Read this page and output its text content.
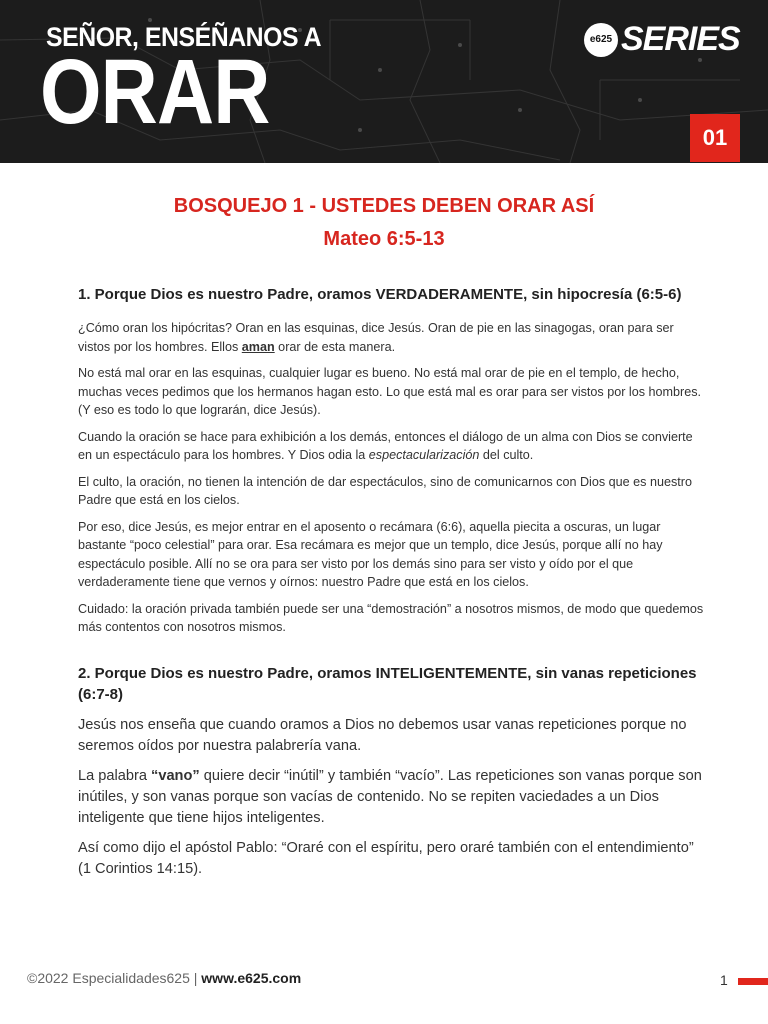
SEÑOR, ENSÉÑANOS A
ORAR
e625 SERIES
01
BOSQUEJO 1 - USTEDES DEBEN ORAR ASÍ
Mateo 6:5-13
1. Porque Dios es nuestro Padre, oramos VERDADERAMENTE, sin hipocresía (6:5-6)

¿Cómo oran los hipócritas? Oran en las esquinas, dice Jesús. Oran de pie en las sinagogas, oran para ser vistos por los hombres. Ellos aman orar de esta manera.

No está mal orar en las esquinas, cualquier lugar es bueno. No está mal orar de pie en el templo, de hecho, muchas veces pedimos que los hermanos hagan esto. Lo que está mal es orar para ser vistos por los hombres. (Y eso es todo lo que lograrán, dice Jesús).

Cuando la oración se hace para exhibición a los demás, entonces el diálogo de un alma con Dios se convierte en un espectáculo para los hombres. Y Dios odia la espectacularización del culto.

El culto, la oración, no tienen la intención de dar espectáculos, sino de comunicarnos con Dios que es nuestro Padre que está en los cielos.

Por eso, dice Jesús, es mejor entrar en el aposento o recámara (6:6), aquella piecita a oscuras, un lugar bastante “poco celestial” para orar. Esa recámara es mejor que un templo, dice Jesús, porque allí no hay espectáculo posible. Allí no se ora para ser visto por los demás sino para ser visto y oído por el que verdaderamente tiene que vernos y oírnos: nuestro Padre que está en los cielos.

Cuidado: la oración privada también puede ser una “demostración” a nosotros mismos, de modo que quedemos más contentos con nosotros mismos.

2. Porque Dios es nuestro Padre, oramos INTELIGENTEMENTE, sin vanas repeticiones (6:7-8)

Jesús nos enseña que cuando oramos a Dios no debemos usar vanas repeticiones porque no seremos oídos por nuestra palabrería vana.

La palabra “vano” quiere decir “inútil” y también “vacío”. Las repeticiones son vanas porque son inútiles, y son vanas porque son vacías de contenido. No se repiten vaciedades a un Dios inteligente que tiene hijos inteligentes.

Así como dijo el apóstol Pablo: “Oraré con el espíritu, pero oraré también con el entendimiento” (1 Corintios 14:15).

©2022 Especialidades625 | www.e625.com	1
